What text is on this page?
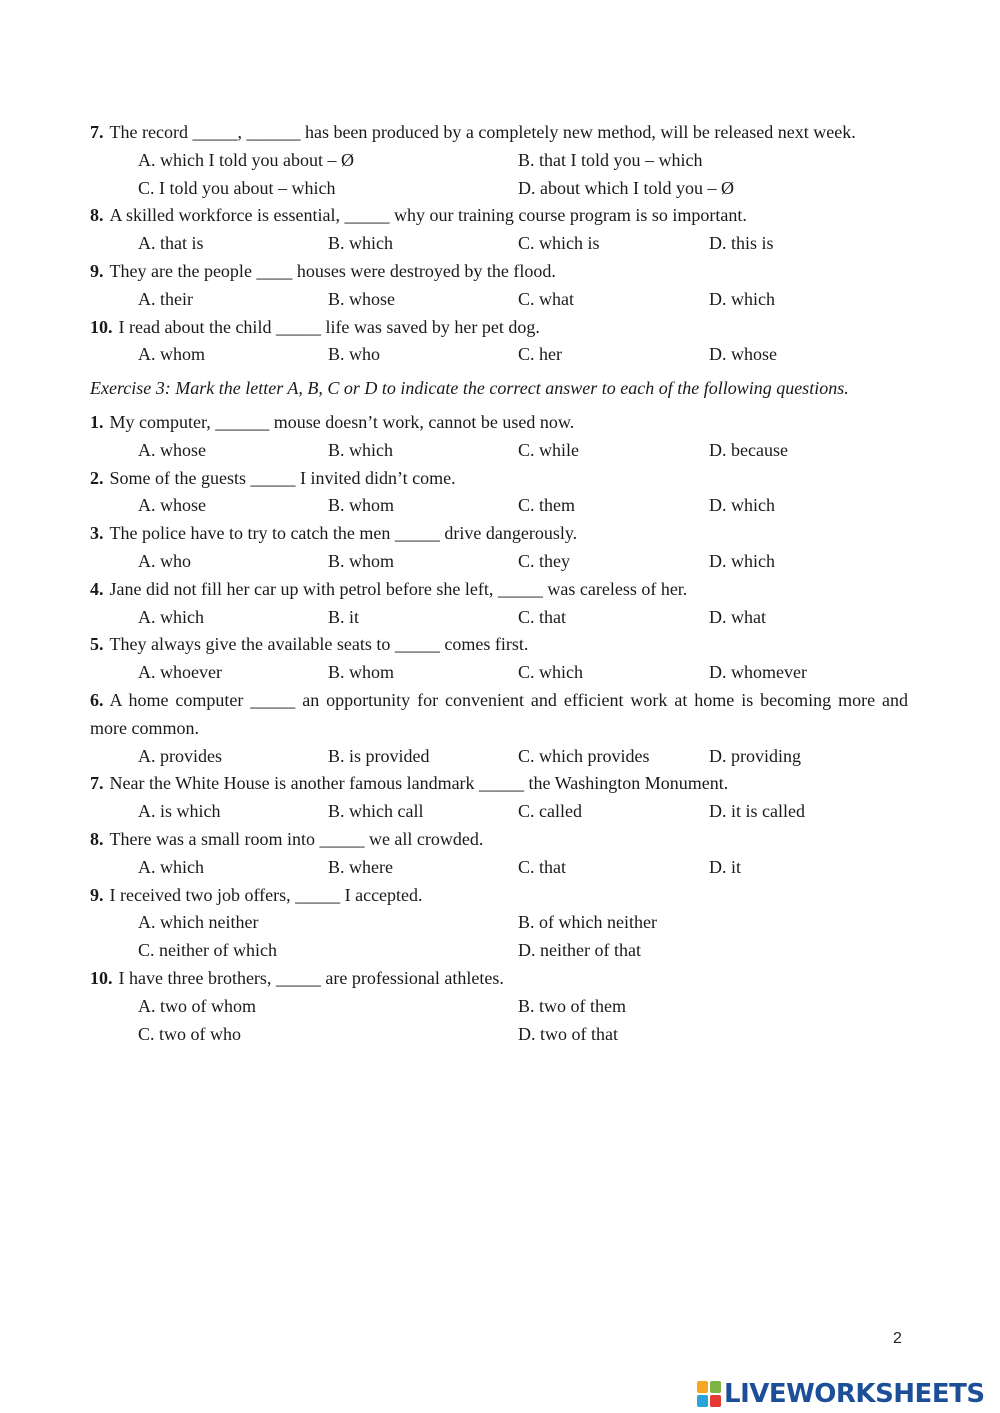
7. The record _____, ______ has been produced by a completely new method, will be released next week.
A. which I told you about – Ø	B. that I told you – which
C. I told you about – which	D. about which I told you – Ø
8. A skilled workforce is essential, _____ why our training course program is so important.
A. that is	B. which	C. which is	D. this is
9. They are the people ____ houses were destroyed by the flood.
A. their	B. whose	C. what	D. which
10. I read about the child _____ life was saved by her pet dog.
A. whom	B. who	C. her	D. whose
Exercise 3: Mark the letter A, B, C or D to indicate the correct answer to each of the following questions.
1. My computer, ______ mouse doesn’t work, cannot be used now.
A. whose	B. which	C. while	D. because
2. Some of the guests _____ I invited didn’t come.
A. whose	B. whom	C. them	D. which
3. The police have to try to catch the men _____ drive dangerously.
A. who	B. whom	C. they	D. which
4. Jane did not fill her car up with petrol before she left, _____ was careless of her.
A. which	B. it	C. that	D. what
5. They always give the available seats to _____ comes first.
A. whoever	B. whom	C. which	D. whomever
6. A home computer _____ an opportunity for convenient and efficient work at home is becoming more and more common.
A. provides	B. is provided	C. which provides	D. providing
7. Near the White House is another famous landmark _____ the Washington Monument.
A. is which	B. which call	C. called	D. it is called
8. There was a small room into _____ we all crowded.
A. which	B. where	C. that	D. it
9. I received two job offers, _____ I accepted.
A. which neither	B. of which neither
C. neither of which	D. neither of that
10. I have three brothers, _____ are professional athletes.
A. two of whom	B. two of them
C. two of who	D. two of that
2
LIVEWORKSHEETS
